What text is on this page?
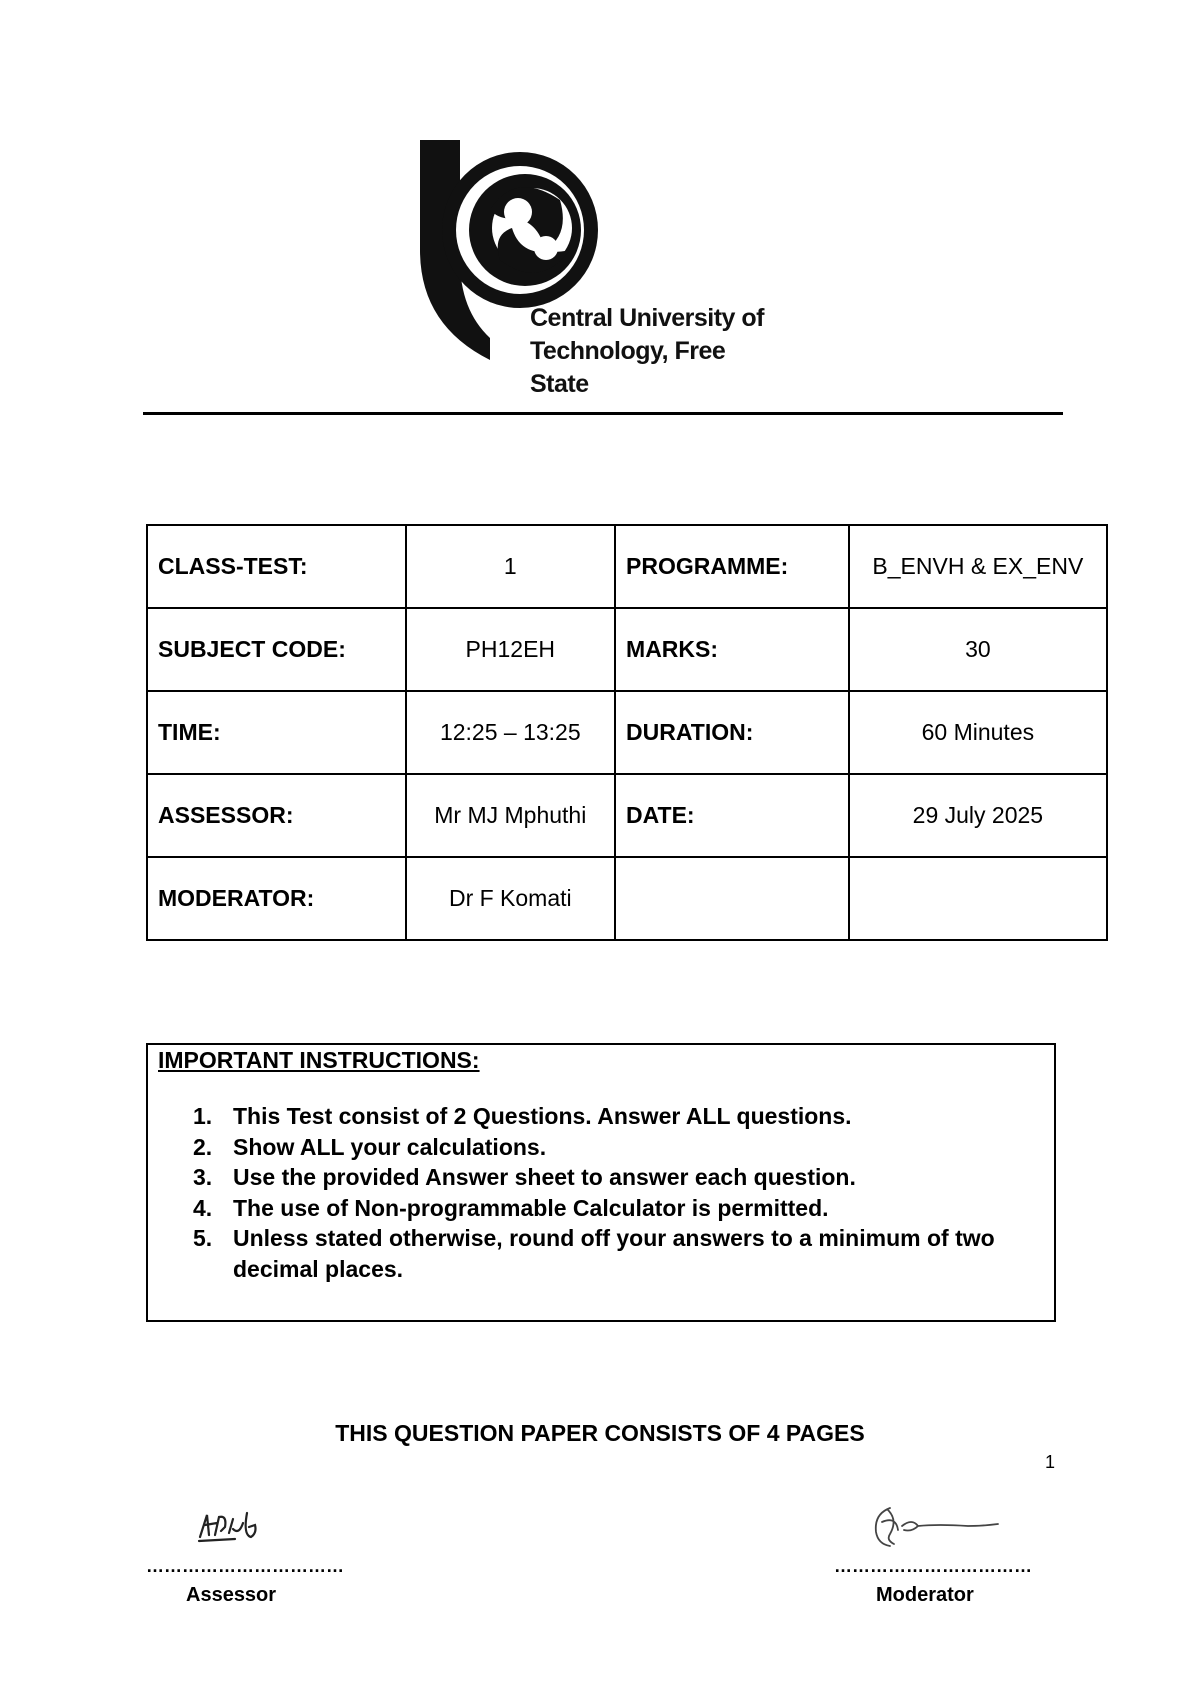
Central University of
Technology, Free State
CLASS-TEST:	1	PROGRAMME:	B_ENVH & EX_ENV
SUBJECT CODE:	PH12EH	MARKS:	30
TIME:	12:25 – 13:25	DURATION:	60 Minutes
ASSESSOR:	Mr MJ Mphuthi	DATE:	29 July 2025
MODERATOR:	Dr F Komati		
IMPORTANT INSTRUCTIONS:
1. This Test consist of 2 Questions. Answer ALL questions.
2. Show ALL your calculations.
3. Use the provided Answer sheet to answer each question.
4. The use of Non-programmable Calculator is permitted.
5. Unless stated otherwise, round off your answers to a minimum of two decimal places.
THIS QUESTION PAPER CONSISTS OF 4 PAGES
1
……………………………
Assessor
……………………………
Moderator
